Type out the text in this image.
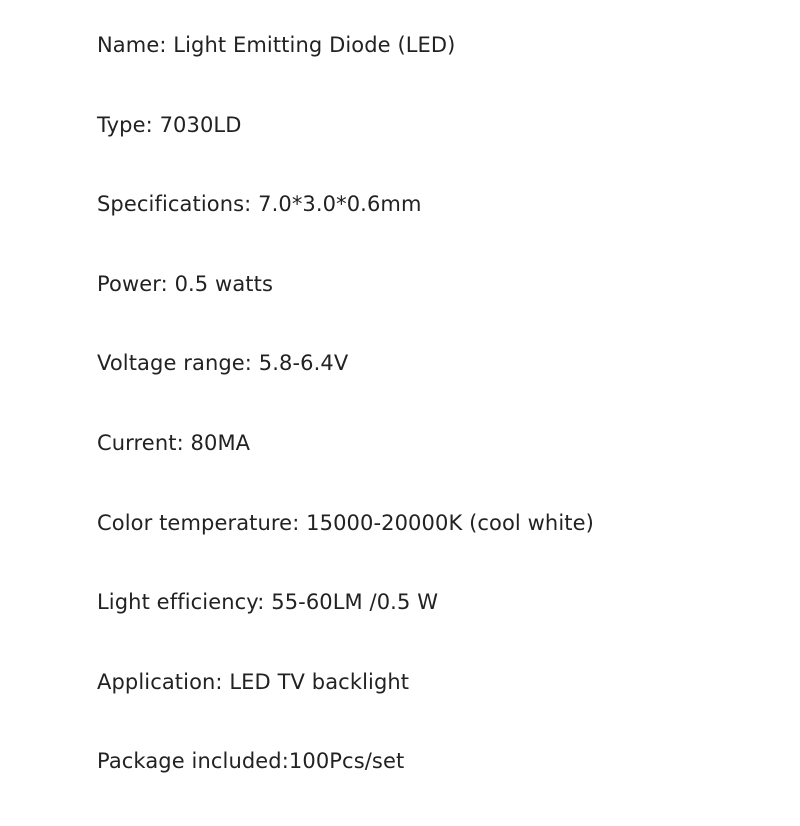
Name: Light Emitting Diode (LED)

Type: 7030LD

Specifications: 7.0*3.0*0.6mm

Power: 0.5 watts

Voltage range: 5.8-6.4V

Current: 80MA

Color temperature: 15000-20000K (cool white)

Light efficiency: 55-60LM /0.5 W

Application: LED TV backlight

Package included:100Pcs/set
